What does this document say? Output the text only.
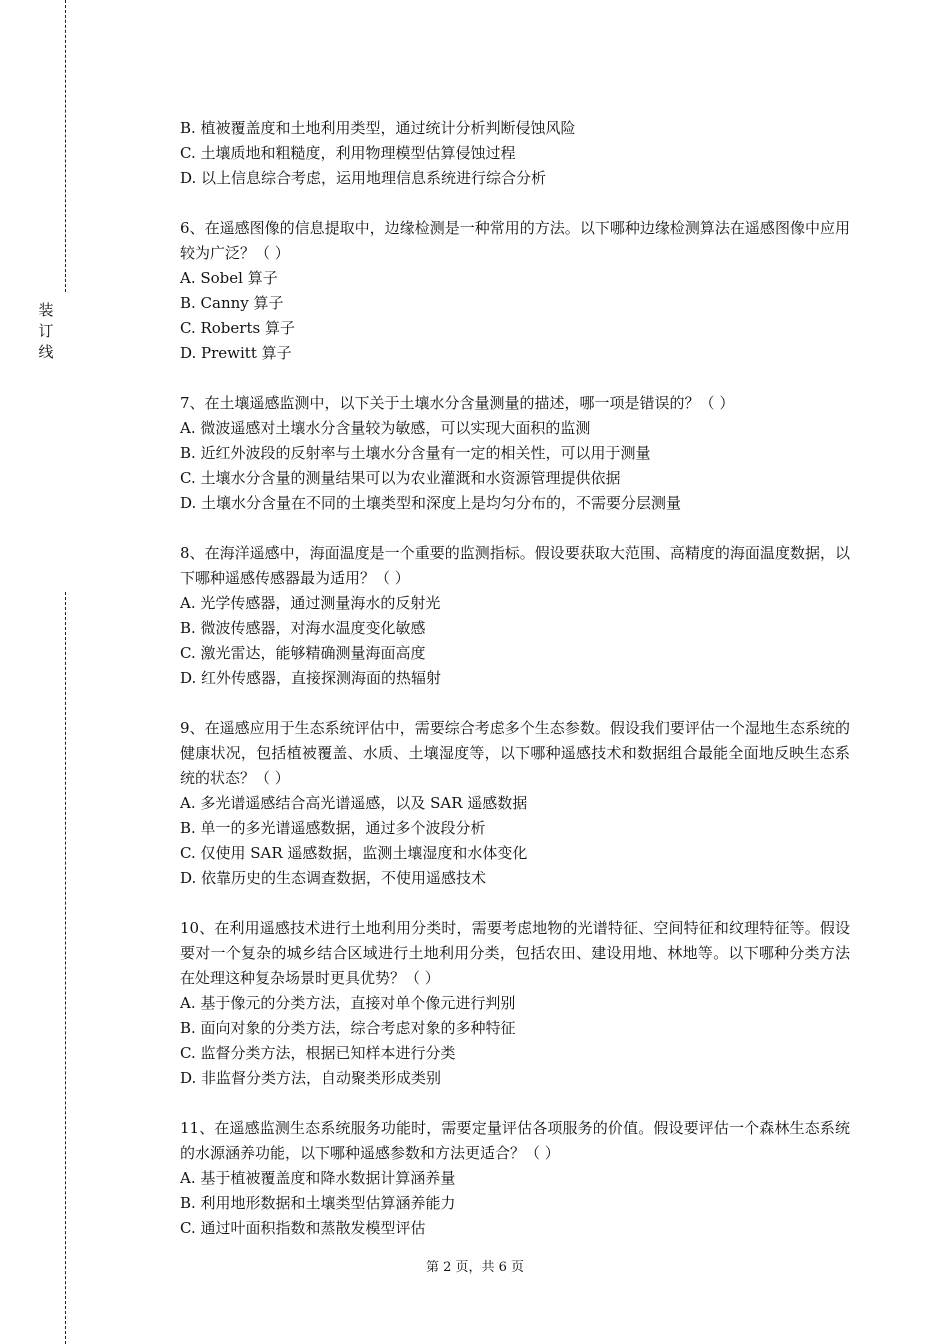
装
订
线
B. 植被覆盖度和土地利用类型，通过统计分析判断侵蚀风险
C. 土壤质地和粗糙度，利用物理模型估算侵蚀过程
D. 以上信息综合考虑，运用地理信息系统进行综合分析
6、在遥感图像的信息提取中，边缘检测是一种常用的方法。以下哪种边缘检测算法在遥感图像中应用较为广泛？（ ）
A. Sobel 算子
B. Canny 算子
C. Roberts 算子
D. Prewitt 算子
7、在土壤遥感监测中，以下关于土壤水分含量测量的描述，哪一项是错误的？（ ）
A. 微波遥感对土壤水分含量较为敏感，可以实现大面积的监测
B. 近红外波段的反射率与土壤水分含量有一定的相关性，可以用于测量
C. 土壤水分含量的测量结果可以为农业灌溉和水资源管理提供依据
D. 土壤水分含量在不同的土壤类型和深度上是均匀分布的，不需要分层测量
8、在海洋遥感中，海面温度是一个重要的监测指标。假设要获取大范围、高精度的海面温度数据，以下哪种遥感传感器最为适用？（ ）
A. 光学传感器，通过测量海水的反射光
B. 微波传感器，对海水温度变化敏感
C. 激光雷达，能够精确测量海面高度
D. 红外传感器，直接探测海面的热辐射
9、在遥感应用于生态系统评估中，需要综合考虑多个生态参数。假设我们要评估一个湿地生态系统的健康状况，包括植被覆盖、水质、土壤湿度等，以下哪种遥感技术和数据组合最能全面地反映生态系统的状态？（ ）
A. 多光谱遥感结合高光谱遥感，以及 SAR 遥感数据
B. 单一的多光谱遥感数据，通过多个波段分析
C. 仅使用 SAR 遥感数据，监测土壤湿度和水体变化
D. 依靠历史的生态调查数据，不使用遥感技术
10、在利用遥感技术进行土地利用分类时，需要考虑地物的光谱特征、空间特征和纹理特征等。假设要对一个复杂的城乡结合区域进行土地利用分类，包括农田、建设用地、林地等。以下哪种分类方法在处理这种复杂场景时更具优势？（ ）
A. 基于像元的分类方法，直接对单个像元进行判别
B. 面向对象的分类方法，综合考虑对象的多种特征
C. 监督分类方法，根据已知样本进行分类
D. 非监督分类方法，自动聚类形成类别
11、在遥感监测生态系统服务功能时，需要定量评估各项服务的价值。假设要评估一个森林生态系统的水源涵养功能，以下哪种遥感参数和方法更适合？（ ）
A. 基于植被覆盖度和降水数据计算涵养量
B. 利用地形数据和土壤类型估算涵养能力
C. 通过叶面积指数和蒸散发模型评估
第 2 页，共 6 页
